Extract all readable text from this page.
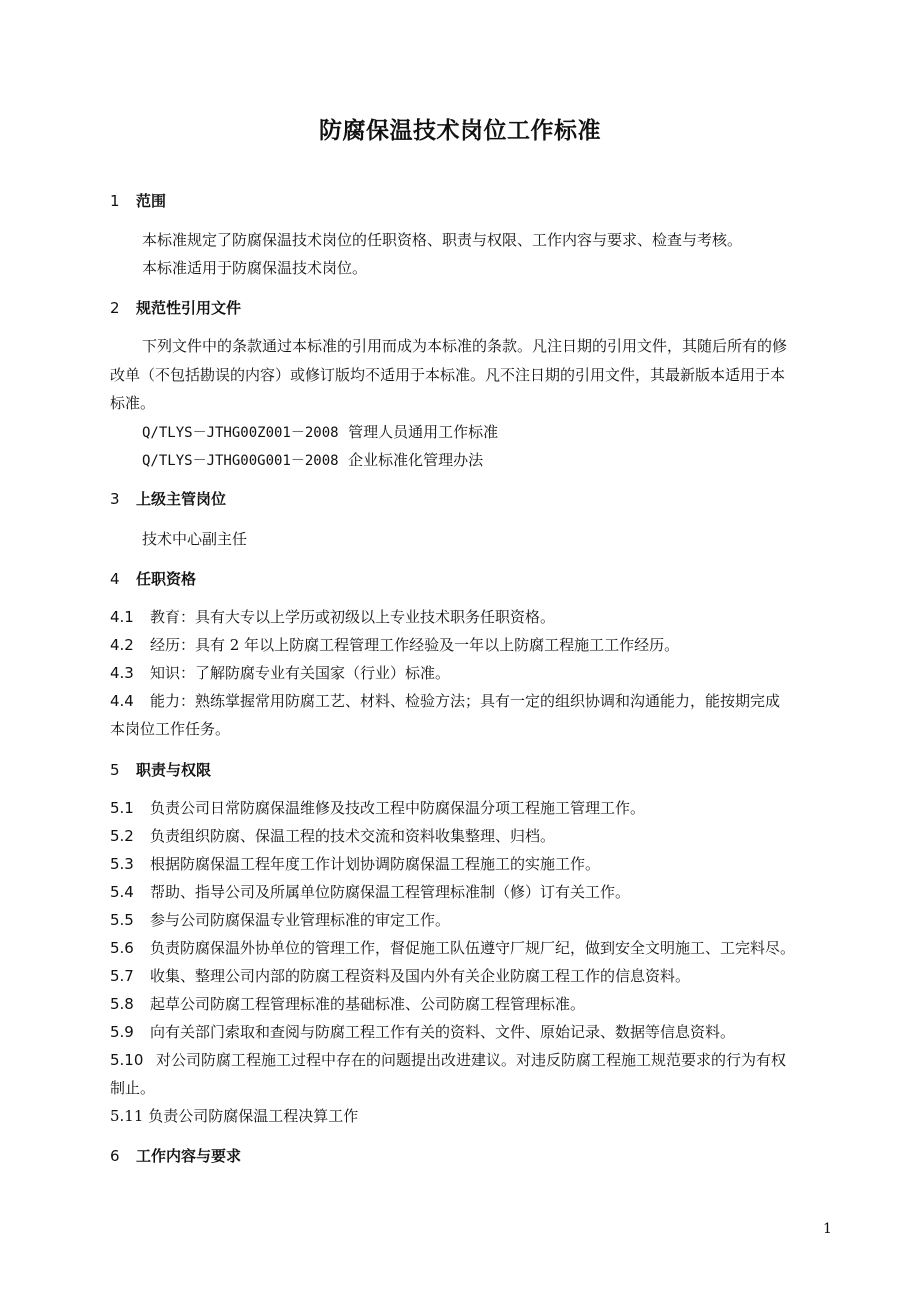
防腐保温技术岗位工作标准
1 范围
本标准规定了防腐保温技术岗位的任职资格、职责与权限、工作内容与要求、检查与考核。
本标准适用于防腐保温技术岗位。
2 规范性引用文件
下列文件中的条款通过本标准的引用而成为本标准的条款。凡注日期的引用文件，其随后所有的修
改单（不包括勘误的内容）或修订版均不适用于本标准。凡不注日期的引用文件，其最新版本适用于本
标准。
Q/TLYS－JTHG00Z001－2008 管理人员通用工作标准
Q/TLYS－JTHG00G001－2008 企业标准化管理办法
3 上级主管岗位
技术中心副主任
4 任职资格
4.1 教育：具有大专以上学历或初级以上专业技术职务任职资格。
4.2 经历：具有 2 年以上防腐工程管理工作经验及一年以上防腐工程施工工作经历。
4.3 知识：了解防腐专业有关国家（行业）标准。
4.4 能力：熟练掌握常用防腐工艺、材料、检验方法；具有一定的组织协调和沟通能力，能按期完成
本岗位工作任务。
5 职责与权限
5.1 负责公司日常防腐保温维修及技改工程中防腐保温分项工程施工管理工作。
5.2 负责组织防腐、保温工程的技术交流和资料收集整理、归档。
5.3 根据防腐保温工程年度工作计划协调防腐保温工程施工的实施工作。
5.4 帮助、指导公司及所属单位防腐保温工程管理标准制（修）订有关工作。
5.5 参与公司防腐保温专业管理标准的审定工作。
5.6 负责防腐保温外协单位的管理工作，督促施工队伍遵守厂规厂纪，做到安全文明施工、工完料尽。
5.7 收集、整理公司内部的防腐工程资料及国内外有关企业防腐工程工作的信息资料。
5.8 起草公司防腐工程管理标准的基础标准、公司防腐工程管理标准。
5.9 向有关部门索取和查阅与防腐工程工作有关的资料、文件、原始记录、数据等信息资料。
5.10 对公司防腐工程施工过程中存在的问题提出改进建议。对违反防腐工程施工规范要求的行为有权
制止。
5.11 负责公司防腐保温工程决算工作
6 工作内容与要求
1
